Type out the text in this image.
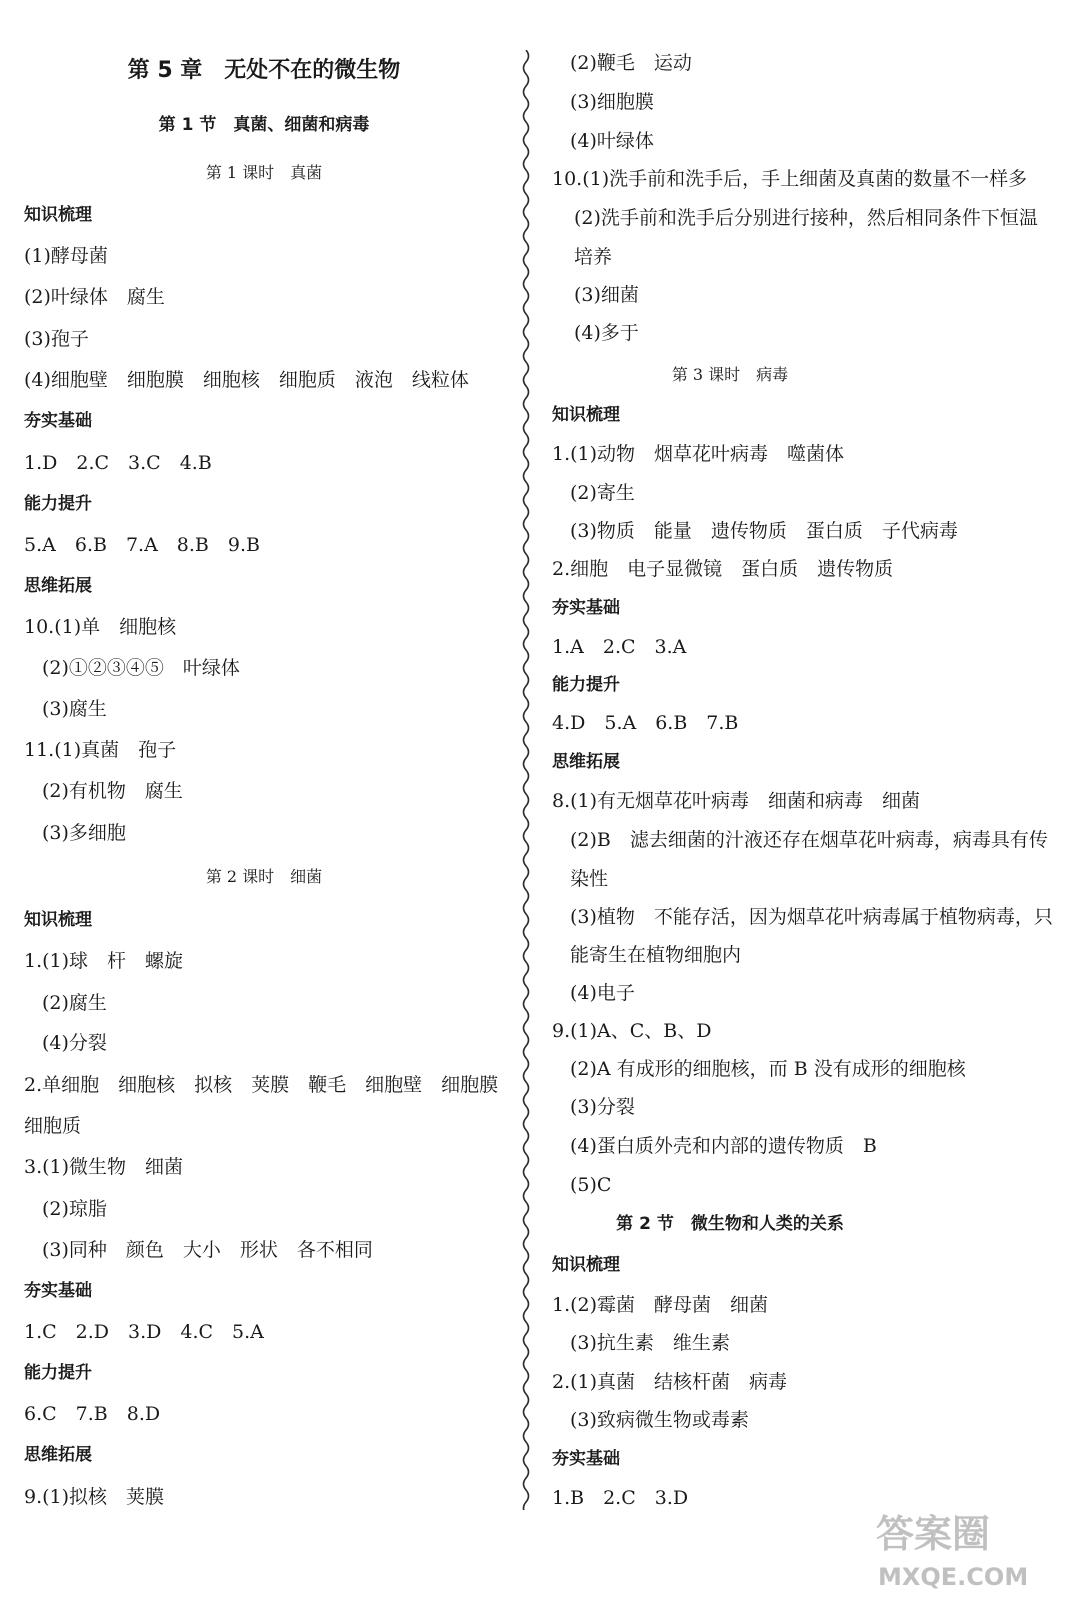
第 5 章　无处不在的微生物
第 1 节　真菌、细菌和病毒
第 1 课时　真菌
知识梳理
(1)酵母菌
(2)叶绿体　腐生
(3)孢子
(4)细胞壁　细胞膜　细胞核　细胞质　液泡　线粒体
夯实基础
1.D　2.C　3.C　4.B
能力提升
5.A　6.B　7.A　8.B　9.B
思维拓展
10.(1)单　细胞核
(2)①②③④⑤　叶绿体
(3)腐生
11.(1)真菌　孢子
(2)有机物　腐生
(3)多细胞
第 2 课时　细菌
知识梳理
1.(1)球　杆　螺旋
(2)腐生
(4)分裂
2.单细胞　细胞核　拟核　荚膜　鞭毛　细胞壁　细胞膜
细胞质
3.(1)微生物　细菌
(2)琼脂
(3)同种　颜色　大小　形状　各不相同
夯实基础
1.C　2.D　3.D　4.C　5.A
能力提升
6.C　7.B　8.D
思维拓展
9.(1)拟核　荚膜
(2)鞭毛　运动
(3)细胞膜
(4)叶绿体
10.(1)洗手前和洗手后，手上细菌及真菌的数量不一样多
(2)洗手前和洗手后分别进行接种，然后相同条件下恒温
培养
(3)细菌
(4)多于
第 3 课时　病毒
知识梳理
1.(1)动物　烟草花叶病毒　噬菌体
(2)寄生
(3)物质　能量　遗传物质　蛋白质　子代病毒
2.细胞　电子显微镜　蛋白质　遗传物质
夯实基础
1.A　2.C　3.A
能力提升
4.D　5.A　6.B　7.B
思维拓展
8.(1)有无烟草花叶病毒　细菌和病毒　细菌
(2)B　滤去细菌的汁液还存在烟草花叶病毒，病毒具有传
染性
(3)植物　不能存活，因为烟草花叶病毒属于植物病毒，只
能寄生在植物细胞内
(4)电子
9.(1)A、C、B、D
(2)A 有成形的细胞核，而 B 没有成形的细胞核
(3)分裂
(4)蛋白质外壳和内部的遗传物质　B
(5)C
第 2 节　微生物和人类的关系
知识梳理
1.(2)霉菌　酵母菌　细菌
(3)抗生素　维生素
2.(1)真菌　结核杆菌　病毒
(3)致病微生物或毒素
夯实基础
1.B　2.C　3.D
答案圈
MXQE.COM
